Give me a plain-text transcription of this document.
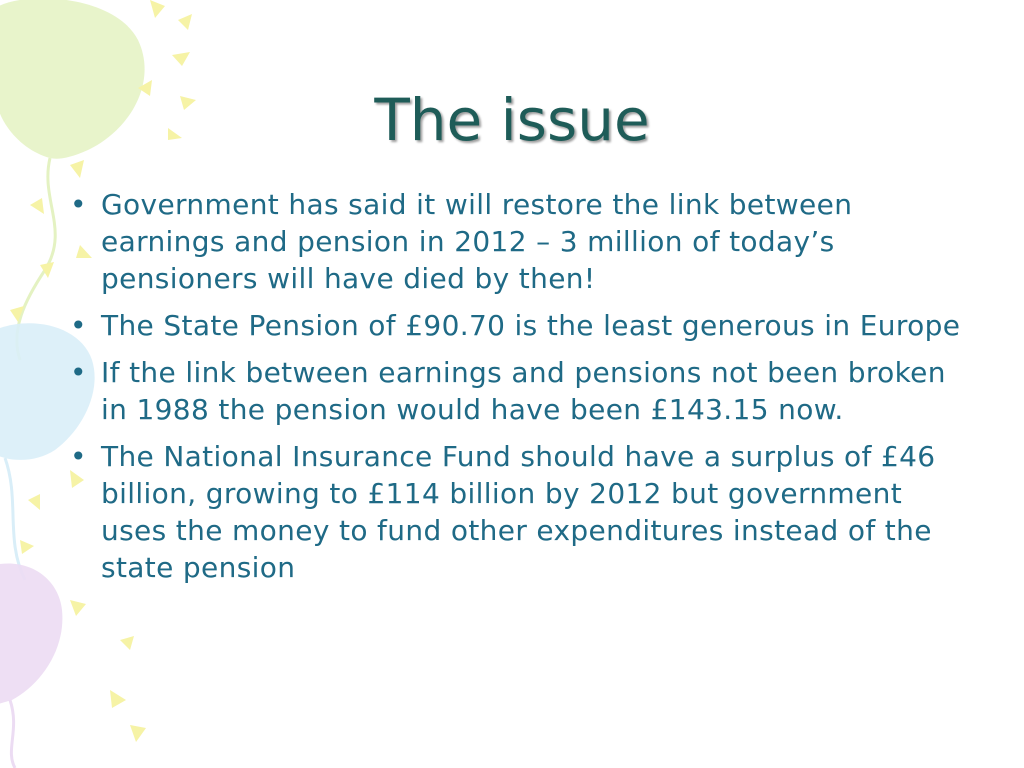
The issue
• Government has said it will restore the link between earnings and pension in 2012 – 3 million of today’s pensioners will have died by then!
• The State Pension of £90.70 is the least generous in Europe
• If the link between earnings and pensions not been broken in 1988 the pension would have been £143.15 now.
• The National Insurance Fund should have a surplus of £46 billion, growing to £114 billion by 2012 but government uses the money to fund other expenditures instead of the state pension
